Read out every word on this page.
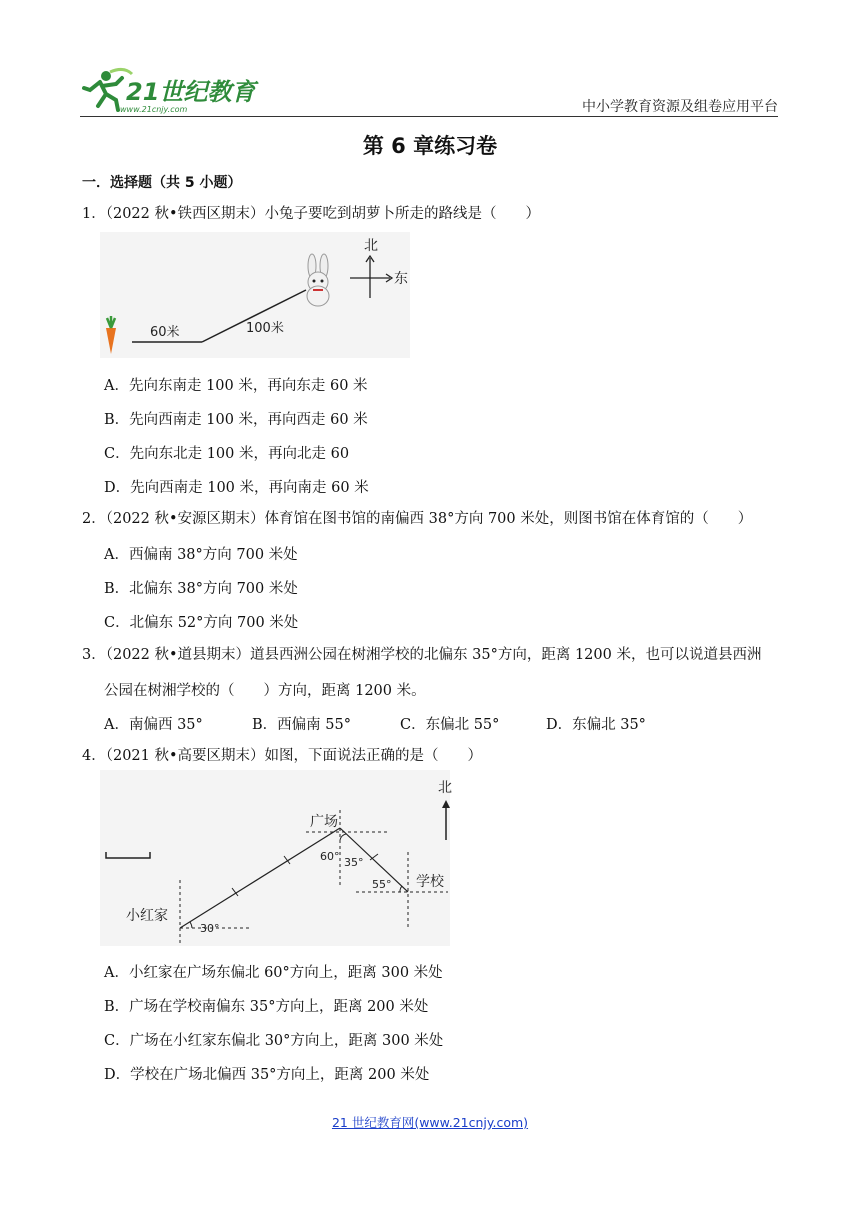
21世纪教育
www.21cnjy.com	中小学教育资源及组卷应用平台
第 6 章练习卷
一．选择题（共 5 小题）
1．（2022 秋•铁西区期末）小兔子要吃到胡萝卜所走的路线是（　　）
60米	100米
北
东
A．先向东南走 100 米，再向东走 60 米
B．先向西南走 100 米，再向西走 60 米
C．先向东北走 100 米，再向北走 60
D．先向西南走 100 米，再向南走 60 米
2．（2022 秋•安源区期末）体育馆在图书馆的南偏西 38°方向 700 米处，则图书馆在体育馆的（　　）
A．西偏南 38°方向 700 米处
B．北偏东 38°方向 700 米处
C．北偏东 52°方向 700 米处
3．（2022 秋•道县期末）道县西洲公园在树湘学校的北偏东 35°方向，距离 1200 米，也可以说道县西洲
公园在树湘学校的（　　）方向，距离 1200 米。
A．南偏西 35°	B．西偏南 55°	C．东偏北 55°	D．东偏北 35°
4．（2021 秋•高要区期末）如图，下面说法正确的是（　　）
北
广场
学校
小红家
60° 35°
55°
30°
A．小红家在广场东偏北 60°方向上，距离 300 米处
B．广场在学校南偏东 35°方向上，距离 200 米处
C．广场在小红家东偏北 30°方向上，距离 300 米处
D．学校在广场北偏西 35°方向上，距离 200 米处
21 世纪教育网(www.21cnjy.com)
